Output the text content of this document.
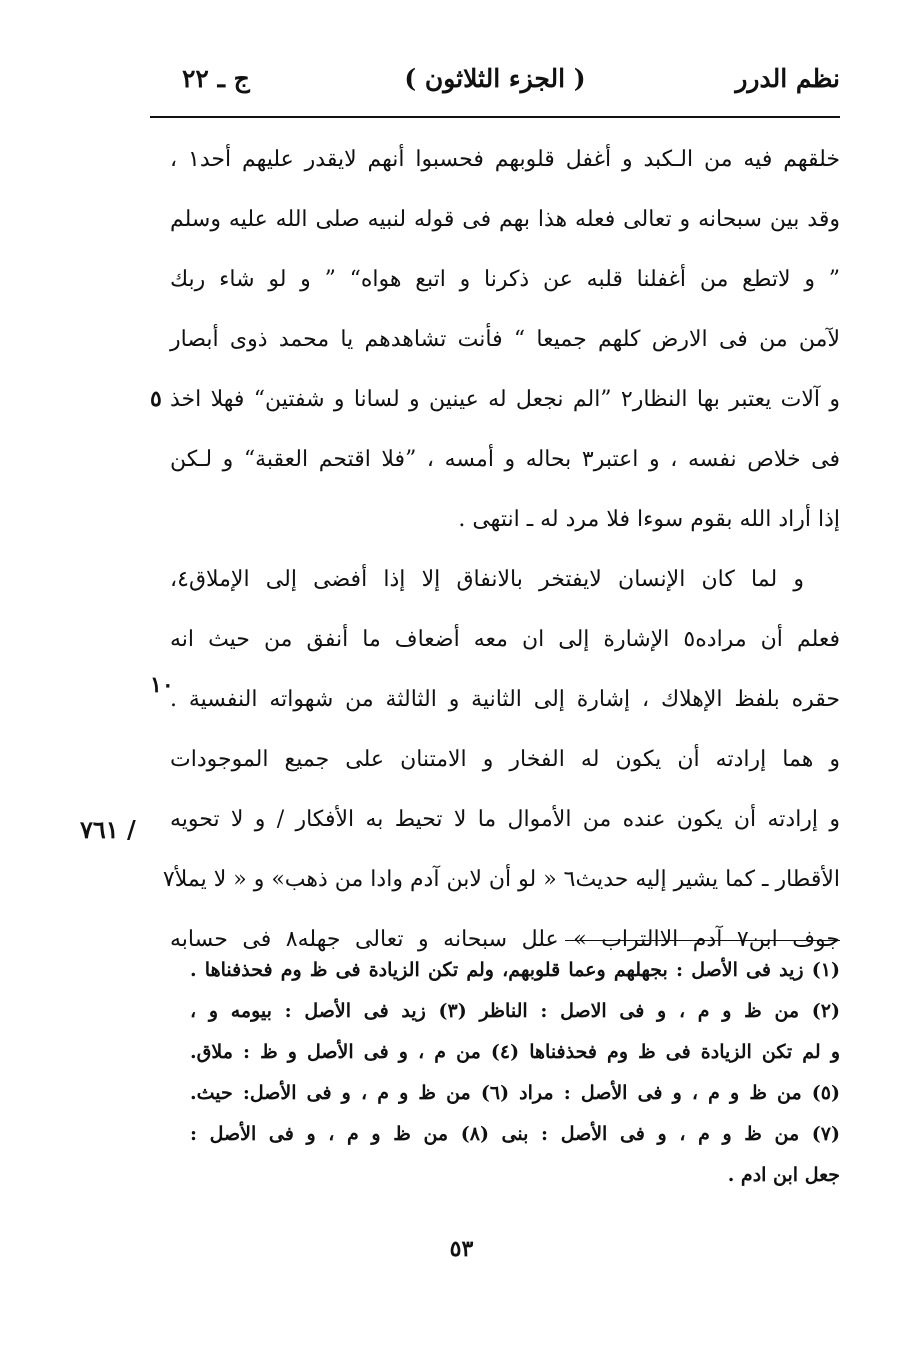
نظم الدرر
( الجزء الثلاثون )
ج ـ ٢٢
خلقهم فيه من الـكبد و أغفل قلوبهم فحسبوا أنهم لايقدر عليهم أحد١ ،
وقد بين سبحانه و تعالى فعله هذا بهم فى قوله لنبيه صلى الله عليه وسلم
” و لاتطع من أغفلنا قلبه عن ذكرنا و اتبع هواه“ ” و لو شاء ربك
لآمن من فى الارض كلهم جميعا “ فأنت تشاهدهم يا محمد ذوى أبصار
و آلات يعتبر بها النظار٢ ”الم نجعل له عينين و لسانا و شفتين“ فهلا اخذ
فى خلاص نفسه ، و اعتبر٣ بحاله و أمسه ، ”فلا اقتحم العقبة“ و لـكن
إذا أراد الله بقوم سوءا فلا مرد له ـ انتهى .
و لما كان الإنسان لايفتخر بالانفاق إلا إذا أفضى إلى الإملاق٤،
فعلم أن مراده٥ الإشارة إلى ان معه أضعاف ما أنفق من حيث انه
حقره بلفظ الإهلاك ، إشارة إلى الثانية و الثالثة من شهواته النفسية .
و هما إرادته أن يكون له الفخار و الامتنان على جميع الموجودات
و إرادته أن يكون عنده من الأموال ما لا تحيط به الأفكار / و لا تحويه
الأقطار ـ كما يشير إليه حديث٦ « لو أن لابن آدم وادا من ذهب» و « لا يملأ٧
جوف ابن٧ آدم الاالتراب » علل سبحانه و تعالى جهله٨ فى حسابه
٥
١٠
٧٦١ /
(١) زيد فى الأصل : بجهلهم وعما قلوبهم، ولم تكن الزيادة فى ظ وم فحذفناها .
(٢) من ظ و م ، و فى الاصل : الناظر (٣) زيد فى الأصل : بيومه و ،
و لم تكن الزيادة فى ظ وم فحذفناها (٤) من م ، و فى الأصل و ظ : ملاق.
(٥) من ظ و م ، و فى الأصل : مراد (٦) من ظ و م ، و فى الأصل: حيث.
(٧) من ظ و م ، و فى الأصل : بنى (٨) من ظ و م ، و فى الأصل :
جعل ابن ادم .
٥٣
